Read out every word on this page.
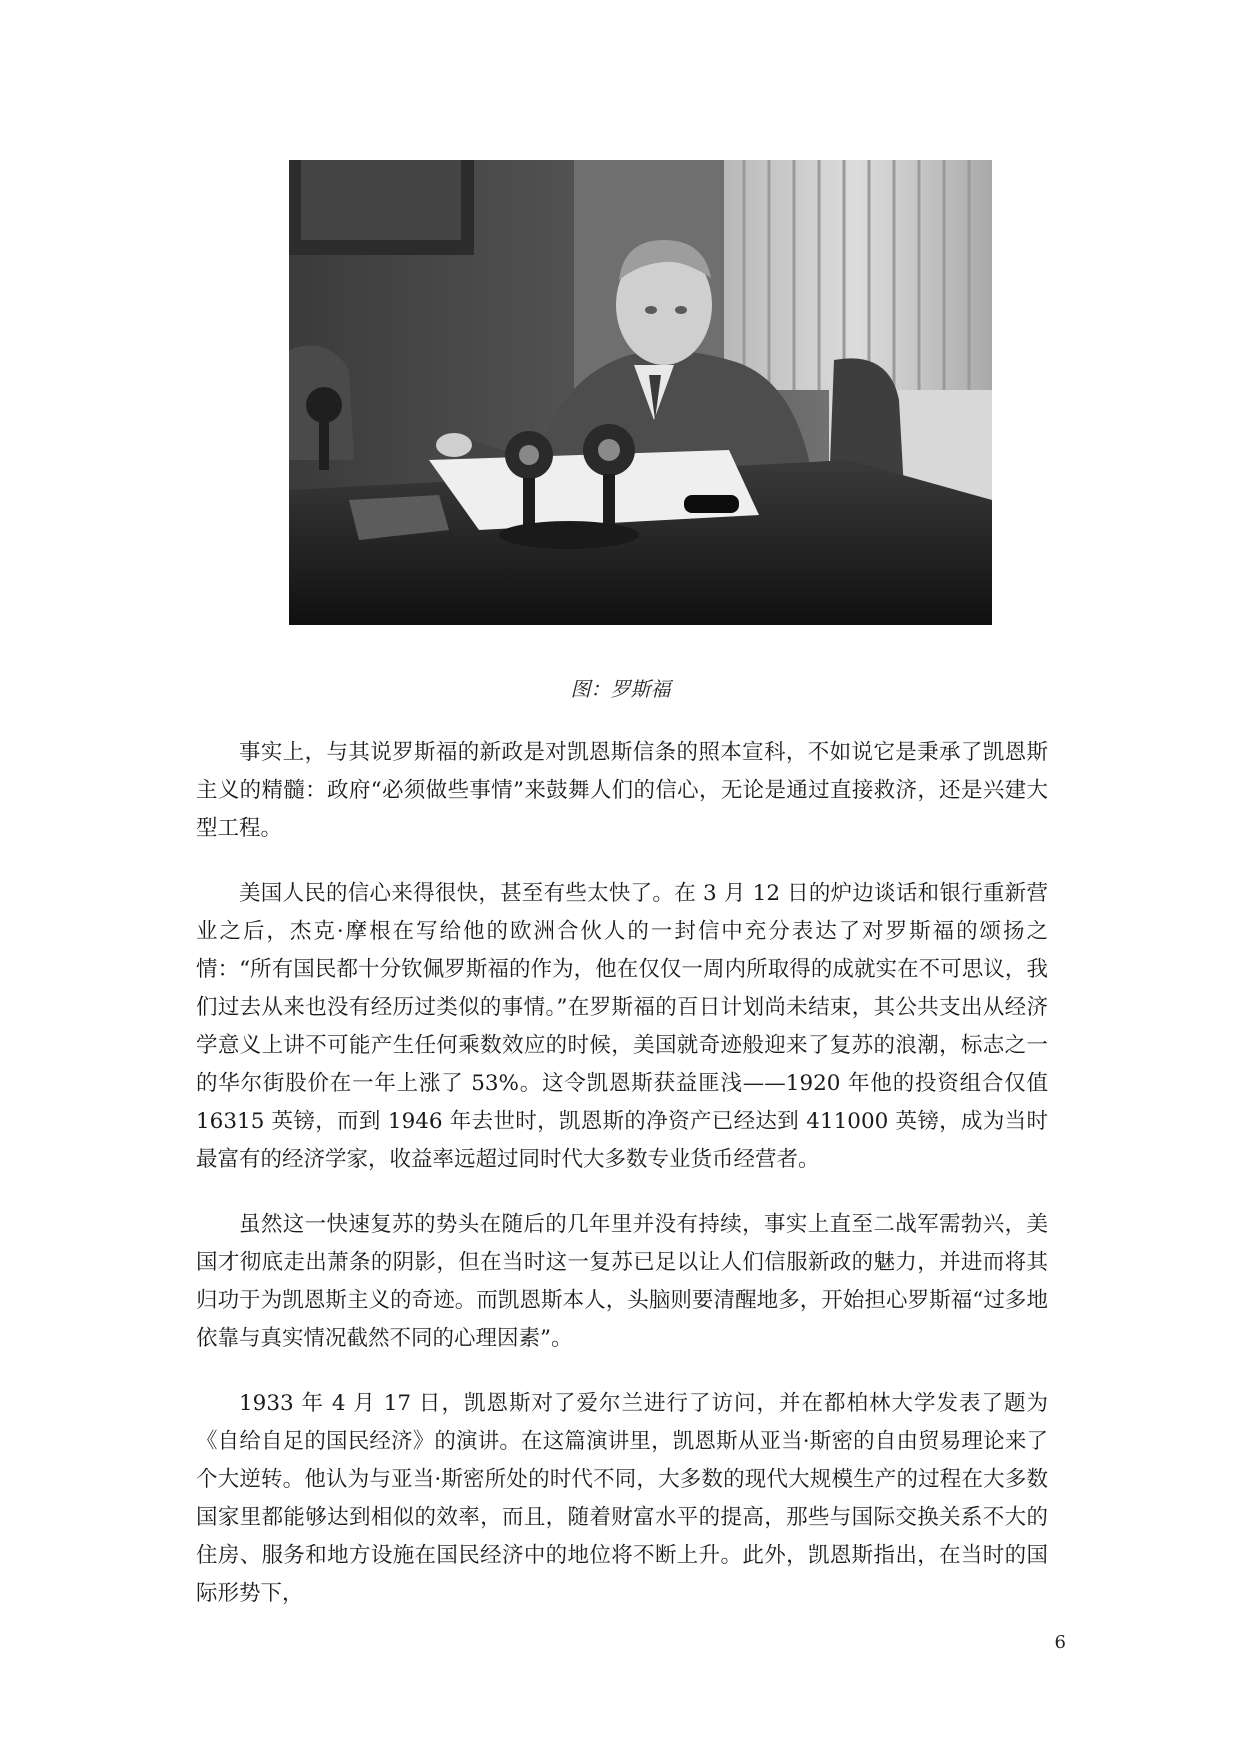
图：罗斯福

事实上，与其说罗斯福的新政是对凯恩斯信条的照本宣科，不如说它是秉承了凯恩斯主义的精髓：政府“必须做些事情”来鼓舞人们的信心，无论是通过直接救济，还是兴建大型工程。

美国人民的信心来得很快，甚至有些太快了。在 3 月 12 日的炉边谈话和银行重新营业之后，杰克·摩根在写给他的欧洲合伙人的一封信中充分表达了对罗斯福的颂扬之情：“所有国民都十分钦佩罗斯福的作为，他在仅仅一周内所取得的成就实在不可思议，我们过去从来也没有经历过类似的事情。”在罗斯福的百日计划尚未结束，其公共支出从经济学意义上讲不可能产生任何乘数效应的时候，美国就奇迹般迎来了复苏的浪潮，标志之一的华尔街股价在一年上涨了 53%。这令凯恩斯获益匪浅——1920 年他的投资组合仅值 16315 英镑，而到 1946 年去世时，凯恩斯的净资产已经达到 411000 英镑，成为当时最富有的经济学家，收益率远超过同时代大多数专业货币经营者。

虽然这一快速复苏的势头在随后的几年里并没有持续，事实上直至二战军需勃兴，美国才彻底走出萧条的阴影，但在当时这一复苏已足以让人们信服新政的魅力，并进而将其归功于为凯恩斯主义的奇迹。而凯恩斯本人，头脑则要清醒地多，开始担心罗斯福“过多地依靠与真实情况截然不同的心理因素”。

1933 年 4 月 17 日，凯恩斯对了爱尔兰进行了访问，并在都柏林大学发表了题为《自给自足的国民经济》的演讲。在这篇演讲里，凯恩斯从亚当·斯密的自由贸易理论来了个大逆转。他认为与亚当·斯密所处的时代不同，大多数的现代大规模生产的过程在大多数国家里都能够达到相似的效率，而且，随着财富水平的提高，那些与国际交换关系不大的住房、服务和地方设施在国民经济中的地位将不断上升。此外，凯恩斯指出，在当时的国际形势下，

6
